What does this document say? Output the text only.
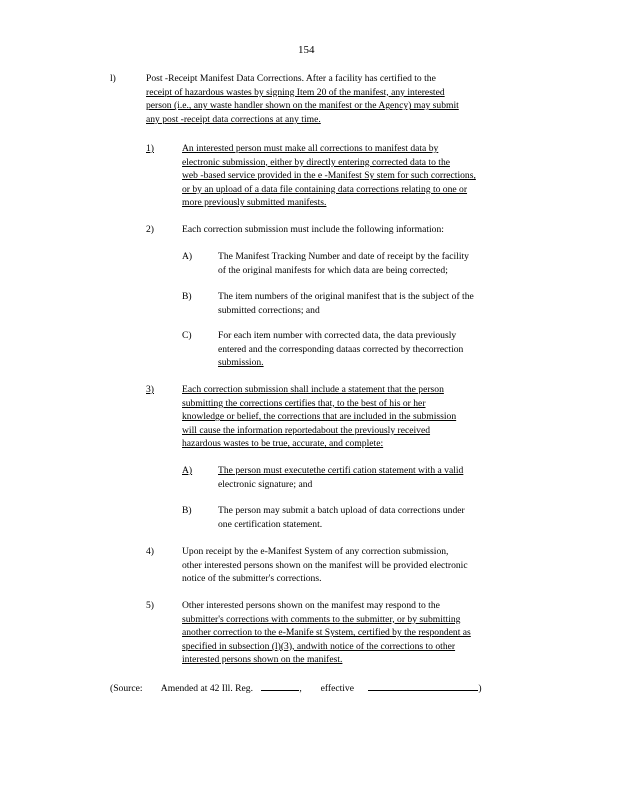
154
l)	Post -Receipt Manifest Data Corrections. After a facility has certified to the
receipt of hazardous wastes by signing Item 20 of the manifest, any interested
person (i.e., any waste handler shown on the manifest or the Agency) may submit
any post -receipt data corrections at any time.
1)	An interested person must make all corrections to manifest data by
electronic submission, either by directly entering corrected data to the
web -based service provided in the e -Manifest Sy stem for such corrections,
or by an upload of a data file containing data corrections relating to one or
more previously submitted manifests.
2)	Each correction submission must include the following information:
A)	The Manifest Tracking Number and date of receipt by the facility
of the original manifests for which data are being corrected;
B)	The item numbers of the original manifest that is the subject of the
submitted corrections; and
C)	For each item number with corrected data, the data previously
entered and the corresponding dataas corrected by thecorrection
submission.
3)	Each correction submission shall include a statement that the person
submitting the corrections certifies that, to the best of his or her
knowledge or belief, the corrections that are included in the submission
will cause the information reportedabout the previously received
hazardous wastes to be true, accurate, and complete:
A)	The person must executethe certifi cation statement with a valid
electronic signature; and
B)	The person may submit a batch upload of data corrections under
one certification statement.
4)	Upon receipt by the e-Manifest System of any correction submission,
other interested persons shown on the manifest will be provided electronic
notice of the submitter's corrections.
5)	Other interested persons shown on the manifest may respond to the
submitter's corrections with comments to the submitter, or by submitting
another correction to the e-Manife st System, certified by the respondent as
specified in subsection (l)(3), andwith notice of the corrections to other
interested persons shown on the manifest.
(Source: Amended at 42 Ill. Reg.	, effective	)
